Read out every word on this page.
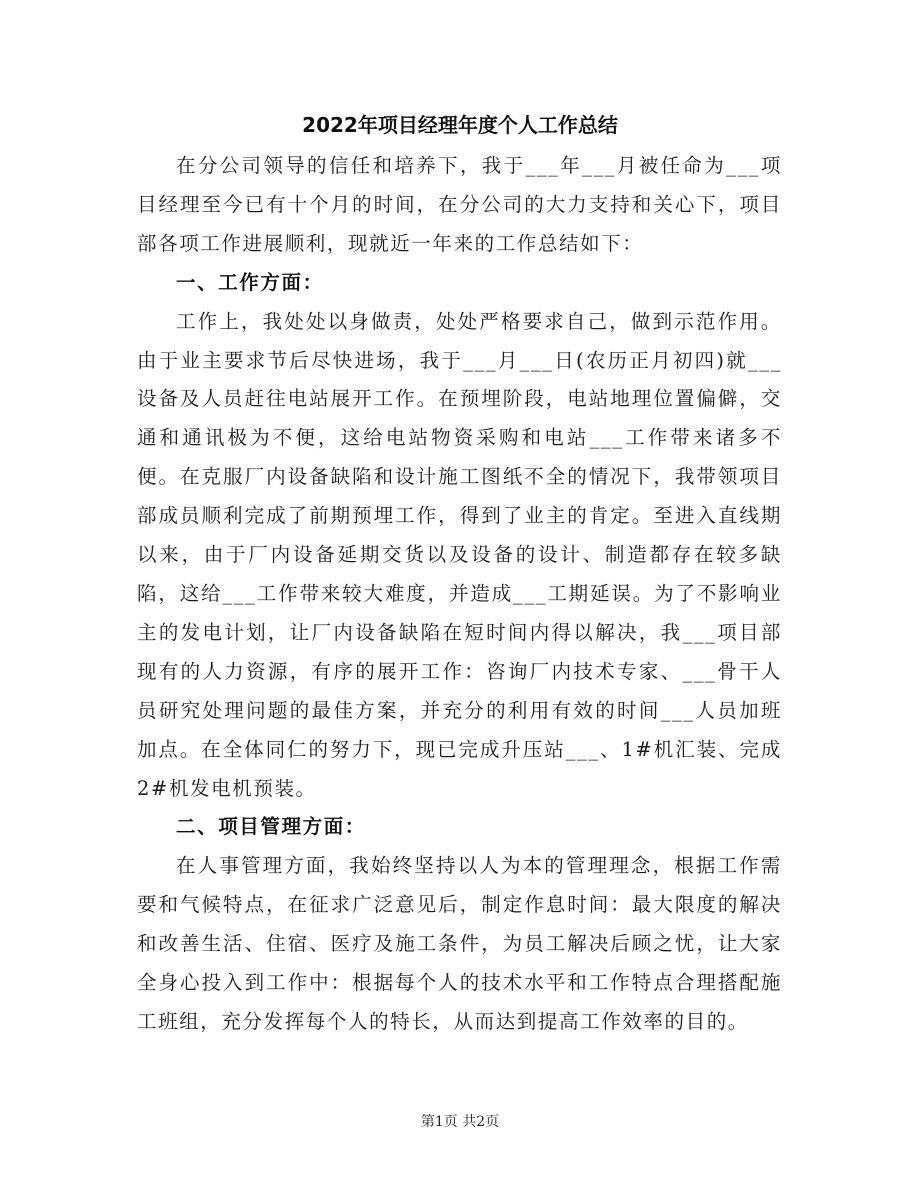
2022年项目经理年度个人工作总结

在分公司领导的信任和培养下，我于___年___月被任命为___项目经理至今已有十个月的时间，在分公司的大力支持和关心下，项目部各项工作进展顺利，现就近一年来的工作总结如下：

一、工作方面：

工作上，我处处以身做责，处处严格要求自己，做到示范作用。由于业主要求节后尽快进场，我于___月___日(农历正月初四)就___设备及人员赶往电站展开工作。在预埋阶段，电站地理位置偏僻，交通和通讯极为不便，这给电站物资采购和电站___工作带来诸多不便。在克服厂内设备缺陷和设计施工图纸不全的情况下，我带领项目部成员顺利完成了前期预埋工作，得到了业主的肯定。至进入直线期以来，由于厂内设备延期交货以及设备的设计、制造都存在较多缺陷，这给___工作带来较大难度，并造成___工期延误。为了不影响业主的发电计划，让厂内设备缺陷在短时间内得以解决，我___项目部现有的人力资源，有序的展开工作：咨询厂内技术专家、___骨干人员研究处理问题的最佳方案，并充分的利用有效的时间___人员加班加点。在全体同仁的努力下，现已完成升压站___、1#机汇装、完成2#机发电机预装。

二、项目管理方面：

在人事管理方面，我始终坚持以人为本的管理理念，根据工作需要和气候特点，在征求广泛意见后，制定作息时间：最大限度的解决和改善生活、住宿、医疗及施工条件，为员工解决后顾之忧，让大家全身心投入到工作中：根据每个人的技术水平和工作特点合理搭配施工班组，充分发挥每个人的特长，从而达到提高工作效率的目的。

第1页 共2页
